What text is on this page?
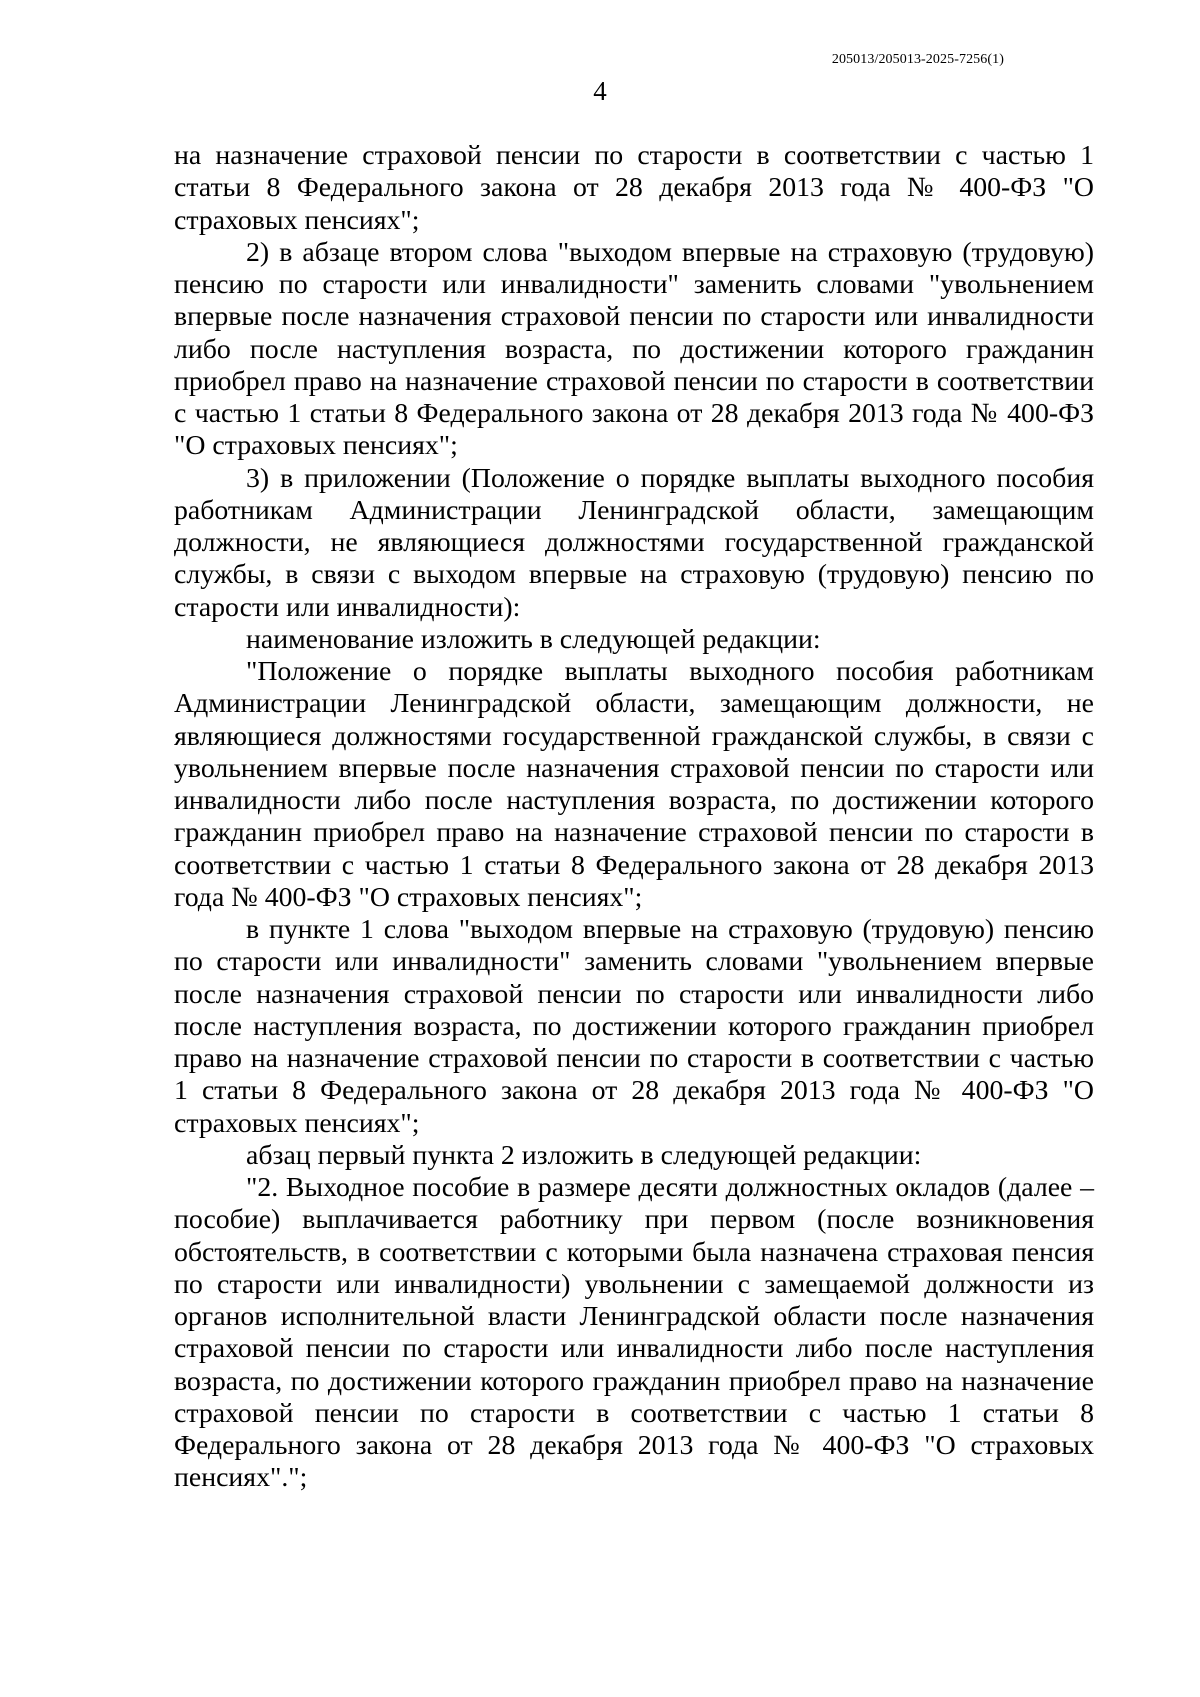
205013/205013-2025-7256(1)
4

на назначение страховой пенсии по старости в соответствии с частью 1 статьи 8 Федерального закона от 28 декабря 2013 года № 400-ФЗ "О страховых пенсиях";

2) в абзаце втором слова "выходом впервые на страховую (трудовую) пенсию по старости или инвалидности" заменить словами "увольнением впервые после назначения страховой пенсии по старости или инвалидности либо после наступления возраста, по достижении которого гражданин приобрел право на назначение страховой пенсии по старости в соответствии с частью 1 статьи 8 Федерального закона от 28 декабря 2013 года № 400-ФЗ "О страховых пенсиях";

3) в приложении (Положение о порядке выплаты выходного пособия работникам Администрации Ленинградской области, замещающим должности, не являющиеся должностями государственной гражданской службы, в связи с выходом впервые на страховую (трудовую) пенсию по старости или инвалидности):

наименование изложить в следующей редакции:

"Положение о порядке выплаты выходного пособия работникам Администрации Ленинградской области, замещающим должности, не являющиеся должностями государственной гражданской службы, в связи с увольнением впервые после назначения страховой пенсии по старости или инвалидности либо после наступления возраста, по достижении которого гражданин приобрел право на назначение страховой пенсии по старости в соответствии с частью 1 статьи 8 Федерального закона от 28 декабря 2013 года № 400-ФЗ "О страховых пенсиях";

в пункте 1 слова "выходом впервые на страховую (трудовую) пенсию по старости или инвалидности" заменить словами "увольнением впервые после назначения страховой пенсии по старости или инвалидности либо после наступления возраста, по достижении которого гражданин приобрел право на назначение страховой пенсии по старости в соответствии с частью 1 статьи 8 Федерального закона от 28 декабря 2013 года № 400-ФЗ "О страховых пенсиях";

абзац первый пункта 2 изложить в следующей редакции:

"2. Выходное пособие в размере десяти должностных окладов (далее – пособие) выплачивается работнику при первом (после возникновения обстоятельств, в соответствии с которыми была назначена страховая пенсия по старости или инвалидности) увольнении с замещаемой должности из органов исполнительной власти Ленинградской области после назначения страховой пенсии по старости или инвалидности либо после наступления возраста, по достижении которого гражданин приобрел право на назначение страховой пенсии по старости в соответствии с частью 1 статьи 8 Федерального закона от 28 декабря 2013 года № 400-ФЗ "О страховых пенсиях".";
